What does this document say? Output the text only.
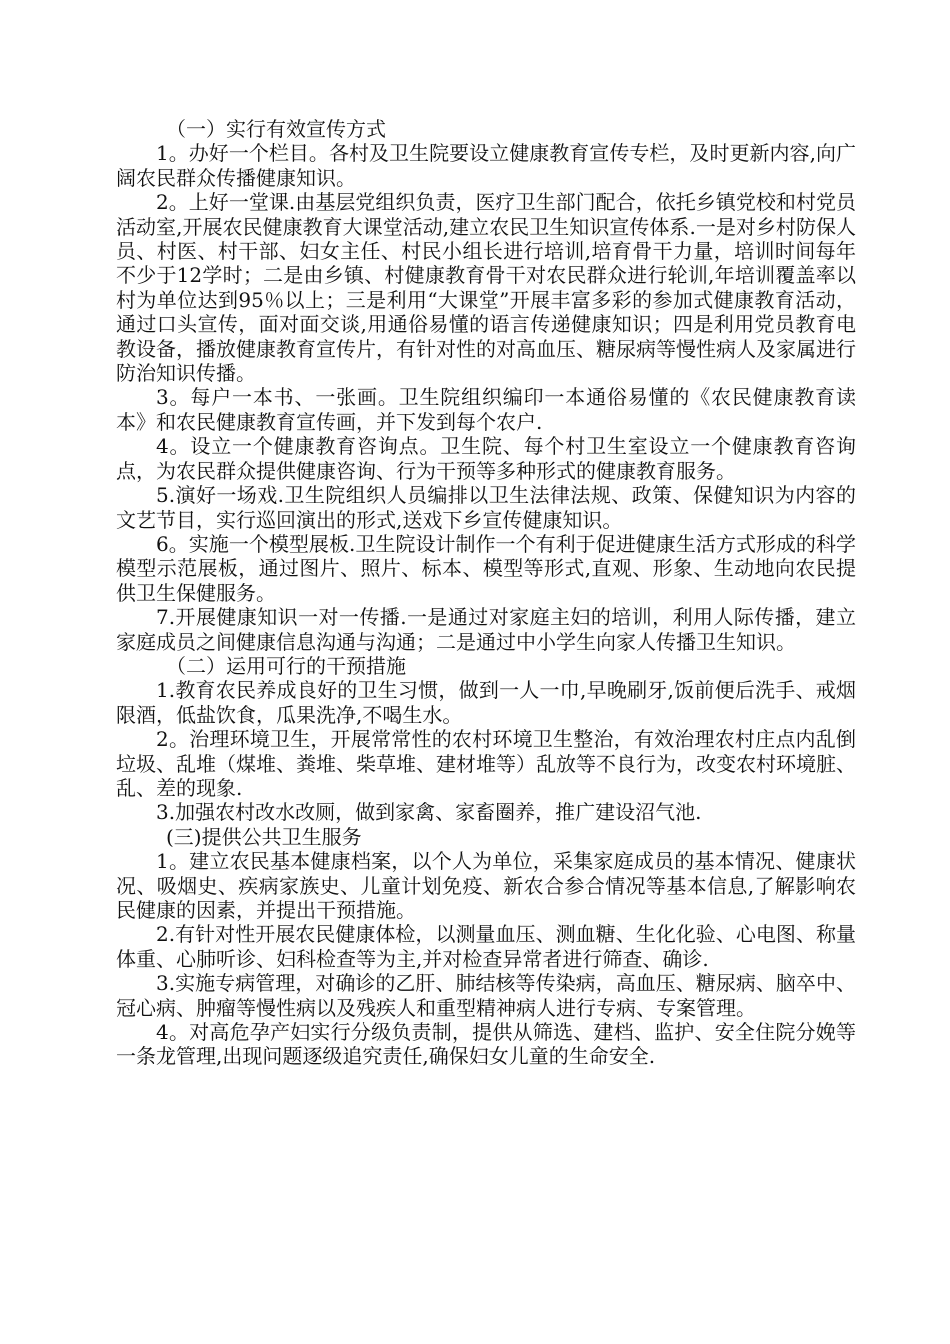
（一）实行有效宣传方式

1。办好一个栏目。各村及卫生院要设立健康教育宣传专栏，及时更新内容,向广阔农民群众传播健康知识。

2。上好一堂课.由基层党组织负责，医疗卫生部门配合，依托乡镇党校和村党员活动室,开展农民健康教育大课堂活动,建立农民卫生知识宣传体系.一是对乡村防保人员、村医、村干部、妇女主任、村民小组长进行培训,培育骨干力量，培训时间每年不少于12学时；二是由乡镇、村健康教育骨干对农民群众进行轮训,年培训覆盖率以村为单位达到95％以上；三是利用“大课堂”开展丰富多彩的参加式健康教育活动，通过口头宣传，面对面交谈,用通俗易懂的语言传递健康知识；四是利用党员教育电教设备，播放健康教育宣传片，有针对性的对高血压、糖尿病等慢性病人及家属进行防治知识传播。

3。每户一本书、一张画。卫生院组织编印一本通俗易懂的《农民健康教育读本》和农民健康教育宣传画，并下发到每个农户.

4。设立一个健康教育咨询点。卫生院、每个村卫生室设立一个健康教育咨询点，为农民群众提供健康咨询、行为干预等多种形式的健康教育服务。

5.演好一场戏.卫生院组织人员编排以卫生法律法规、政策、保健知识为内容的文艺节目，实行巡回演出的形式,送戏下乡宣传健康知识。

6。实施一个模型展板.卫生院设计制作一个有利于促进健康生活方式形成的科学模型示范展板，通过图片、照片、标本、模型等形式,直观、形象、生动地向农民提供卫生保健服务。

7.开展健康知识一对一传播.一是通过对家庭主妇的培训，利用人际传播，建立家庭成员之间健康信息沟通与沟通；二是通过中小学生向家人传播卫生知识。

（二）运用可行的干预措施

1.教育农民养成良好的卫生习惯，做到一人一巾,早晚刷牙,饭前便后洗手、戒烟限酒，低盐饮食，瓜果洗净,不喝生水。

2。治理环境卫生，开展常常性的农村环境卫生整治，有效治理农村庄点内乱倒垃圾、乱堆（煤堆、粪堆、柴草堆、建材堆等）乱放等不良行为，改变农村环境脏、乱、差的现象.

3.加强农村改水改厕，做到家禽、家畜圈养，推广建设沼气池.

(三)提供公共卫生服务

1。建立农民基本健康档案，以个人为单位，采集家庭成员的基本情况、健康状况、吸烟史、疾病家族史、儿童计划免疫、新农合参合情况等基本信息,了解影响农民健康的因素，并提出干预措施。

2.有针对性开展农民健康体检，以测量血压、测血糖、生化化验、心电图、称量体重、心肺听诊、妇科检查等为主,并对检查异常者进行筛查、确诊.

3.实施专病管理，对确诊的乙肝、肺结核等传染病，高血压、糖尿病、脑卒中、冠心病、肿瘤等慢性病以及残疾人和重型精神病人进行专病、专案管理。

4。对高危孕产妇实行分级负责制，提供从筛选、建档、监护、安全住院分娩等一条龙管理,出现问题逐级追究责任,确保妇女儿童的生命安全.
